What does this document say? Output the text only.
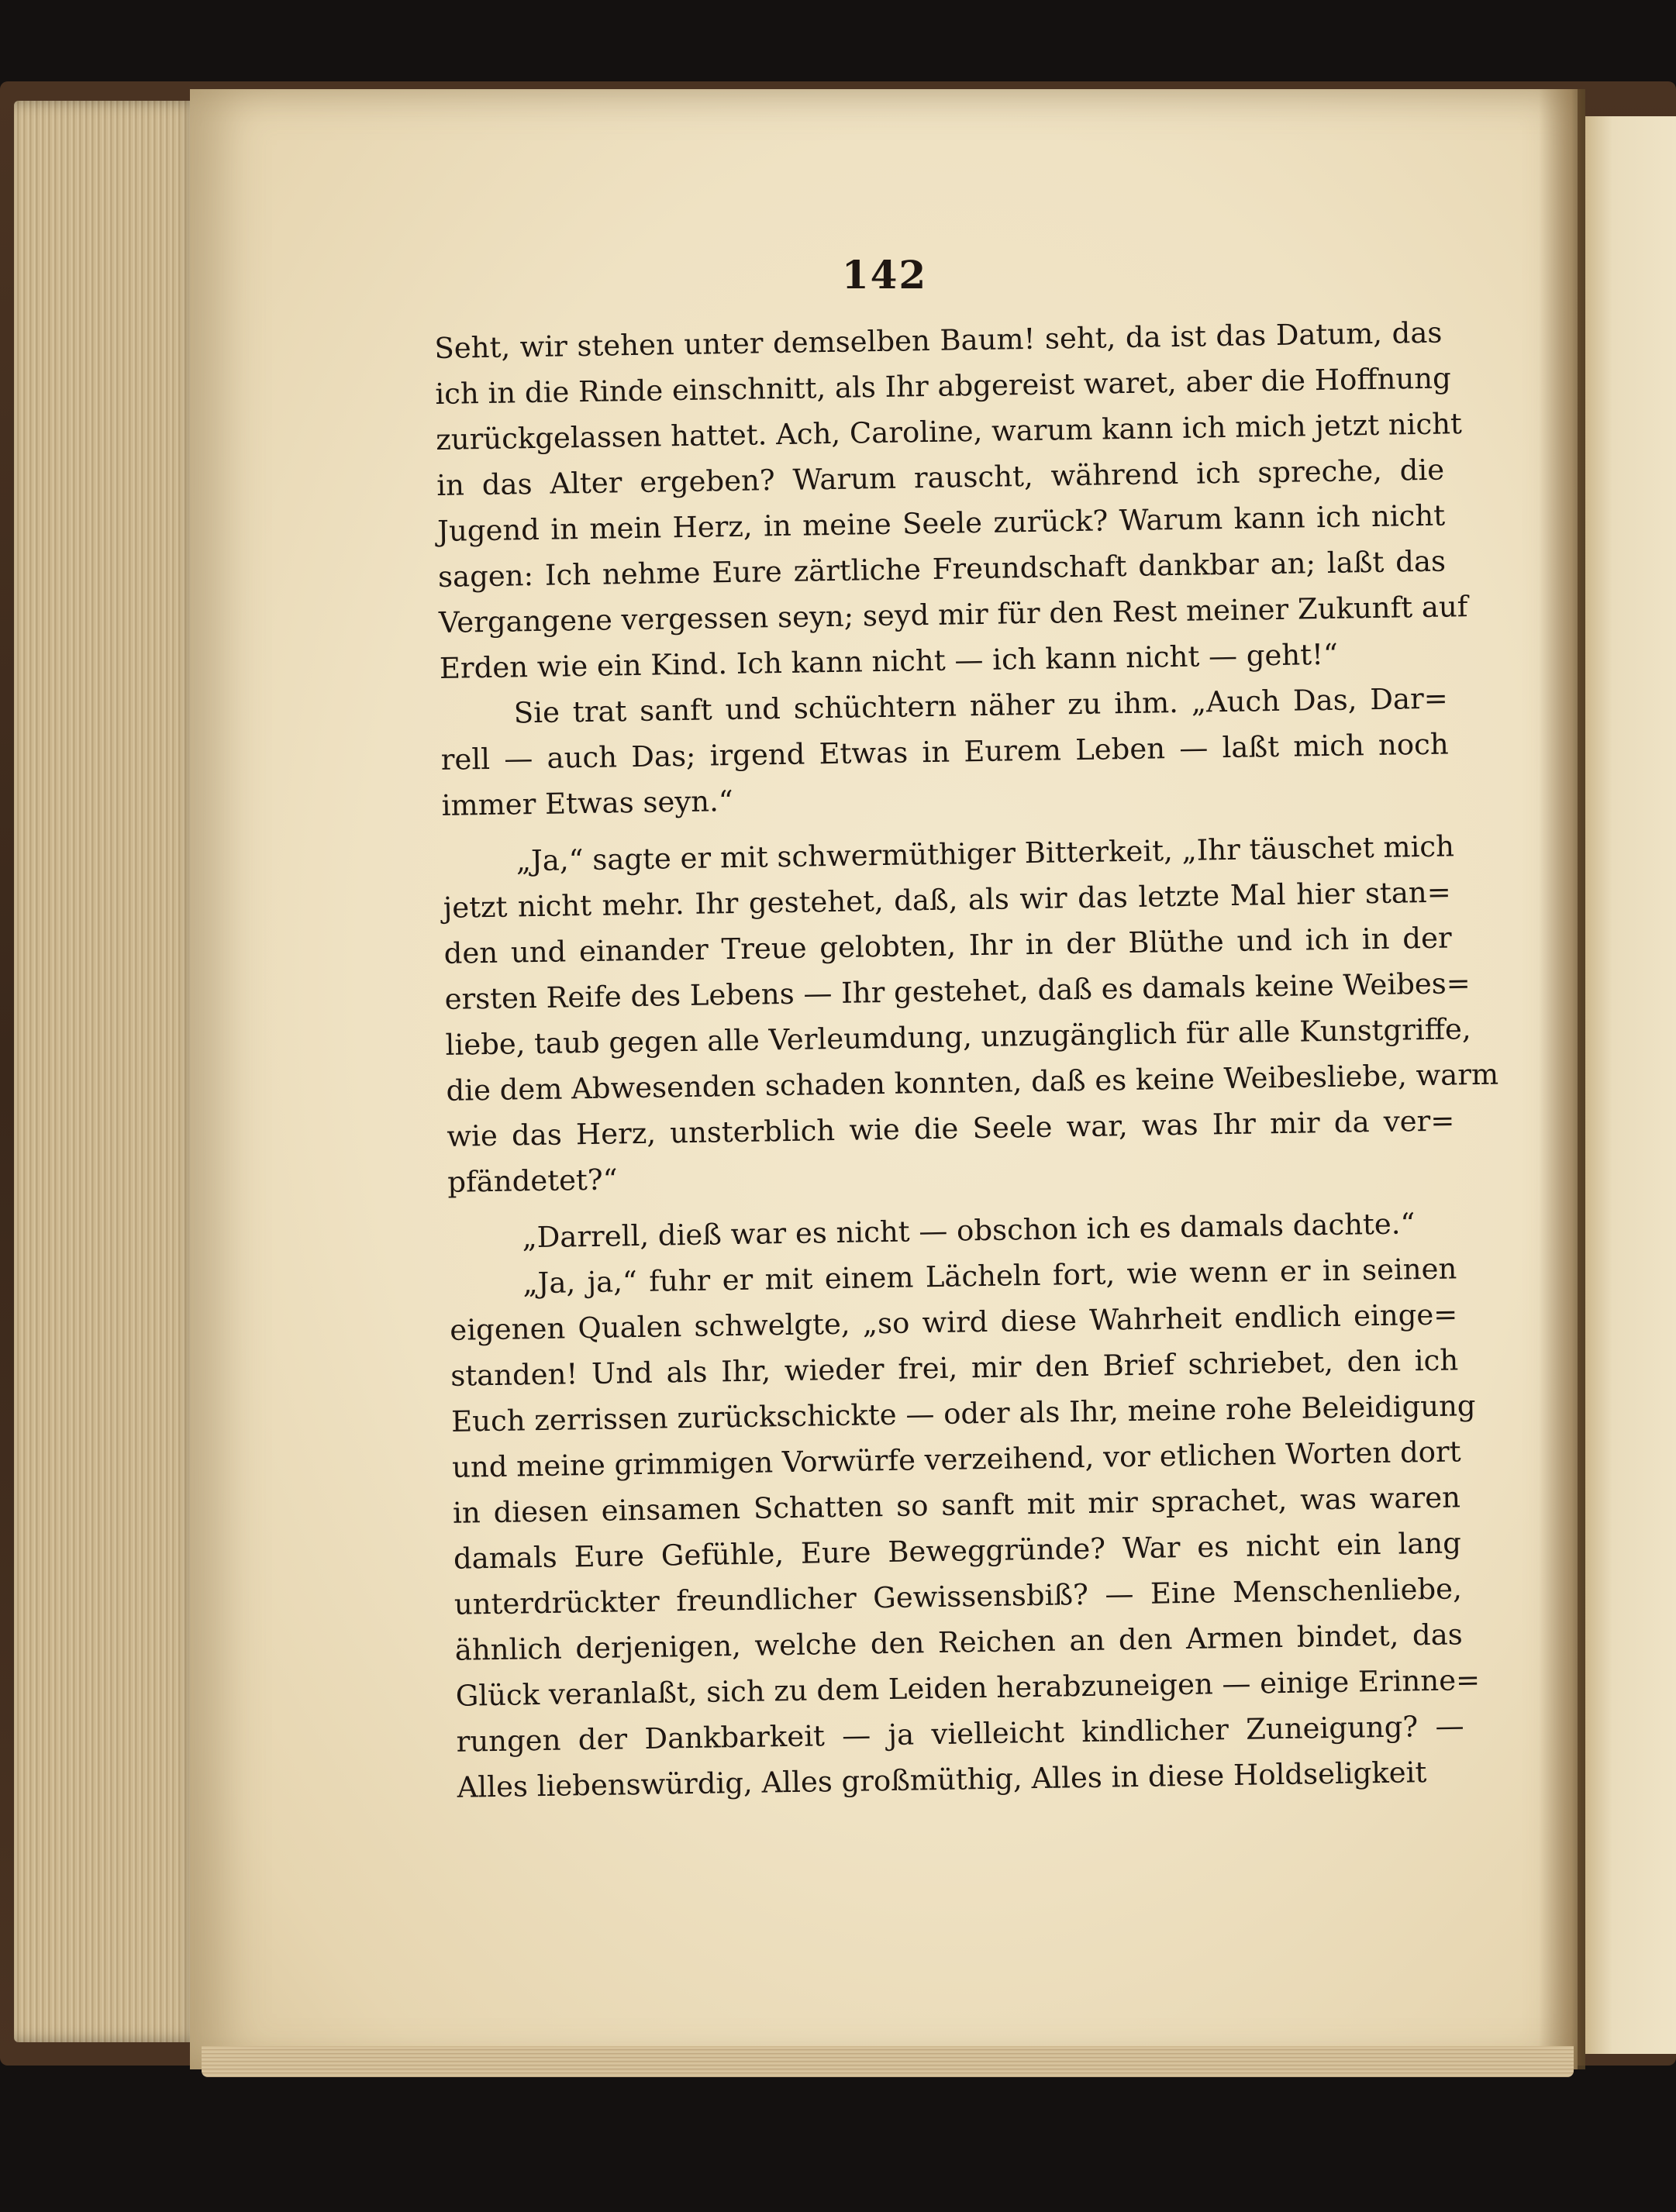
142
Seht, wir stehen unter demselben Baum! seht, da ist das Datum, das
ich in die Rinde einschnitt, als Ihr abgereist waret, aber die Hoffnung
zurückgelassen hattet. Ach, Caroline, warum kann ich mich jetzt nicht
in das Alter ergeben? Warum rauscht, während ich spreche, die
Jugend in mein Herz, in meine Seele zurück? Warum kann ich nicht
sagen: Ich nehme Eure zärtliche Freundschaft dankbar an; laßt das
Vergangene vergessen seyn; seyd mir für den Rest meiner Zukunft auf
Erden wie ein Kind. Ich kann nicht — ich kann nicht — geht!“
Sie trat sanft und schüchtern näher zu ihm. „Auch Das, Dar=
rell — auch Das; irgend Etwas in Eurem Leben — laßt mich noch
immer Etwas seyn.“
„Ja,“ sagte er mit schwermüthiger Bitterkeit, „Ihr täuschet mich
jetzt nicht mehr. Ihr gestehet, daß, als wir das letzte Mal hier stan=
den und einander Treue gelobten, Ihr in der Blüthe und ich in der
ersten Reife des Lebens — Ihr gestehet, daß es damals keine Weibes=
liebe, taub gegen alle Verleumdung, unzugänglich für alle Kunstgriffe,
die dem Abwesenden schaden konnten, daß es keine Weibesliebe, warm
wie das Herz, unsterblich wie die Seele war, was Ihr mir da ver=
pfändetet?“
„Darrell, dieß war es nicht — obschon ich es damals dachte.“
„Ja, ja,“ fuhr er mit einem Lächeln fort, wie wenn er in seinen
eigenen Qualen schwelgte, „so wird diese Wahrheit endlich einge=
standen! Und als Ihr, wieder frei, mir den Brief schriebet, den ich
Euch zerrissen zurückschickte — oder als Ihr, meine rohe Beleidigung
und meine grimmigen Vorwürfe verzeihend, vor etlichen Worten dort
in diesen einsamen Schatten so sanft mit mir sprachet, was waren
damals Eure Gefühle, Eure Beweggründe? War es nicht ein lang
unterdrückter freundlicher Gewissensbiß? — Eine Menschenliebe,
ähnlich derjenigen, welche den Reichen an den Armen bindet, das
Glück veranlaßt, sich zu dem Leiden herabzuneigen — einige Erinne=
rungen der Dankbarkeit — ja vielleicht kindlicher Zuneigung? —
Alles liebenswürdig, Alles großmüthig, Alles in diese Holdseligkeit
